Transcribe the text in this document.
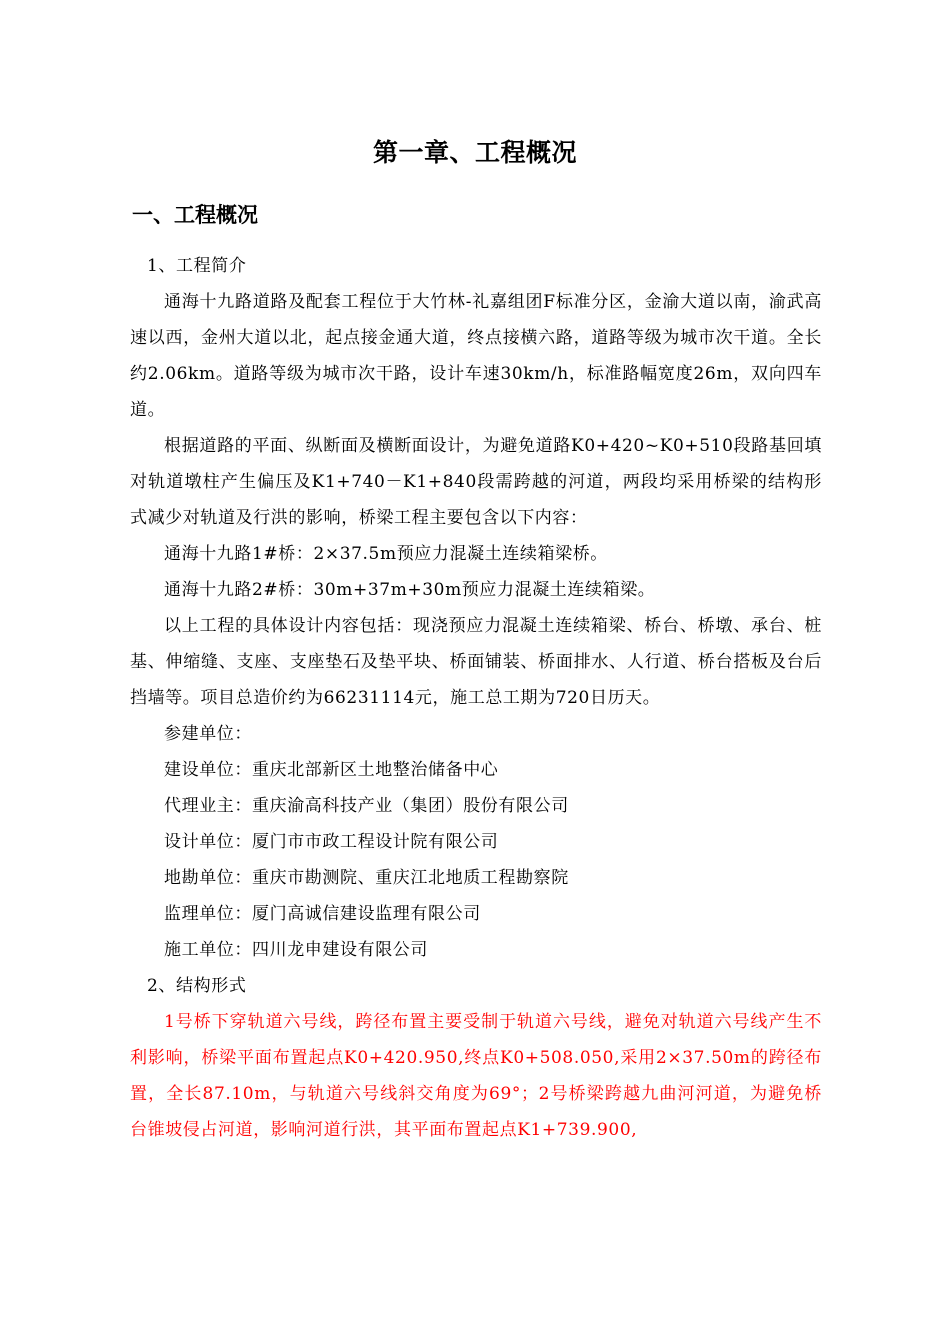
第一章、工程概况
一、工程概况

1、工程简介

通海十九路道路及配套工程位于大竹林-礼嘉组团F标准分区，金渝大道以南，渝武高速以西，金州大道以北，起点接金通大道，终点接横六路，道路等级为城市次干道。全长约2.06km。道路等级为城市次干路，设计车速30km/h，标准路幅宽度26m，双向四车道。

根据道路的平面、纵断面及横断面设计，为避免道路K0+420~K0+510段路基回填对轨道墩柱产生偏压及K1+740－K1+840段需跨越的河道，两段均采用桥梁的结构形式减少对轨道及行洪的影响，桥梁工程主要包含以下内容：

通海十九路1#桥：2×37.5m预应力混凝土连续箱梁桥。

通海十九路2#桥：30m+37m+30m预应力混凝土连续箱梁。

以上工程的具体设计内容包括：现浇预应力混凝土连续箱梁、桥台、桥墩、承台、桩基、伸缩缝、支座、支座垫石及垫平块、桥面铺装、桥面排水、人行道、桥台搭板及台后挡墙等。项目总造价约为66231114元，施工总工期为720日历天。

参建单位：

建设单位：重庆北部新区土地整治储备中心

代理业主：重庆渝高科技产业（集团）股份有限公司

设计单位：厦门市市政工程设计院有限公司

地勘单位：重庆市勘测院、重庆江北地质工程勘察院

监理单位：厦门高诚信建设监理有限公司

施工单位：四川龙申建设有限公司

2、结构形式

1号桥下穿轨道六号线，跨径布置主要受制于轨道六号线，避免对轨道六号线产生不利影响，桥梁平面布置起点K0+420.950,终点K0+508.050,采用2×37.50m的跨径布置，全长87.10m，与轨道六号线斜交角度为69°；2号桥梁跨越九曲河河道，为避免桥台锥坡侵占河道，影响河道行洪，其平面布置起点K1+739.900,
